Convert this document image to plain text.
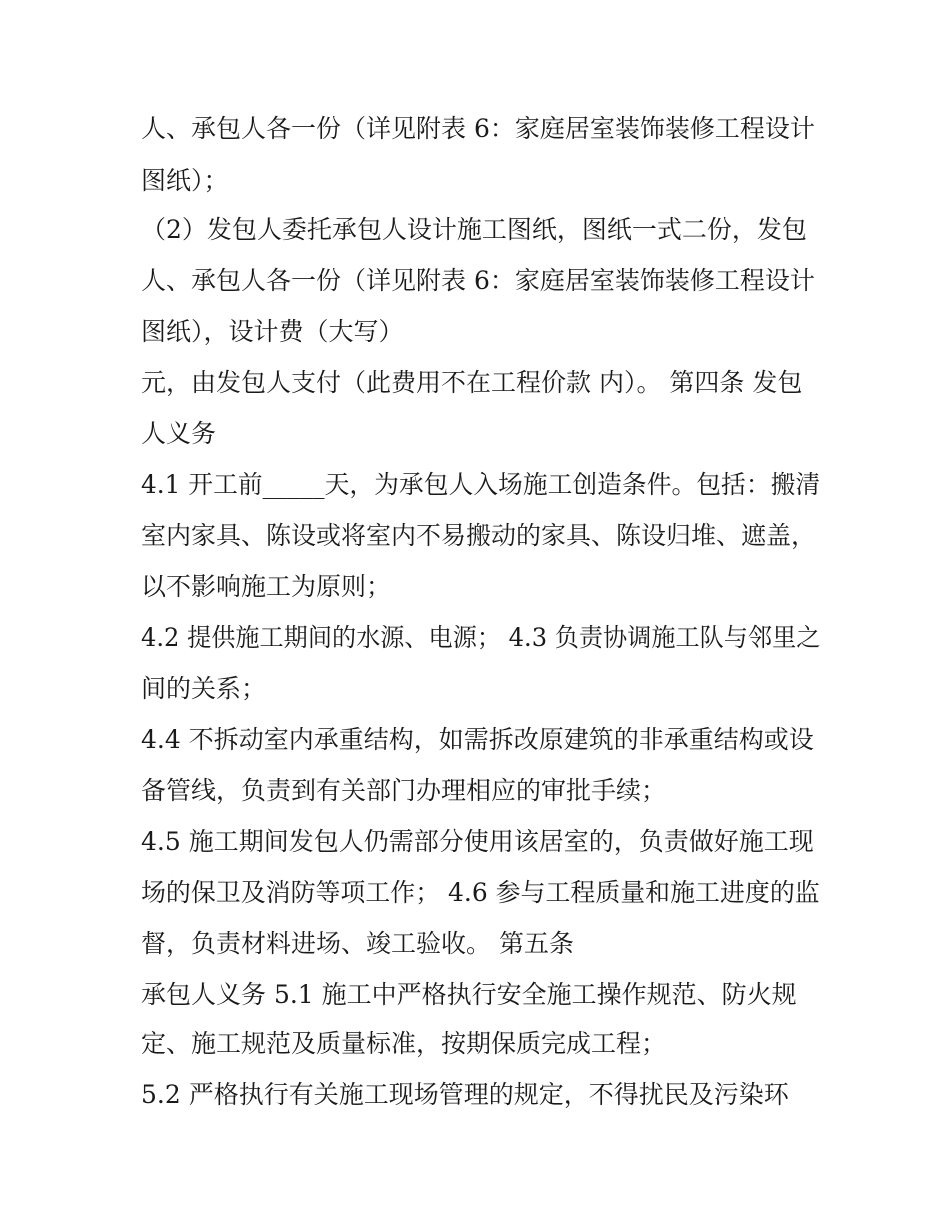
人、承包人各一份（详见附表 6：家庭居室装饰装修工程设计
图纸）；
（2）发包人委托承包人设计施工图纸，图纸一式二份，发包
人、承包人各一份（详见附表 6：家庭居室装饰装修工程设计
图纸），设计费（大写）
元，由发包人支付（此费用不在工程价款 内）。 第四条 发包
人义务
4.1 开工前_____天，为承包人入场施工创造条件。包括：搬清
室内家具、陈设或将室内不易搬动的家具、陈设归堆、遮盖，
以不影响施工为原则；
4.2 提供施工期间的水源、电源； 4.3 负责协调施工队与邻里之
间的关系；
4.4 不拆动室内承重结构，如需拆改原建筑的非承重结构或设
备管线，负责到有关部门办理相应的审批手续；
4.5 施工期间发包人仍需部分使用该居室的，负责做好施工现
场的保卫及消防等项工作； 4.6 参与工程质量和施工进度的监
督，负责材料进场、竣工验收。 第五条
承包人义务 5.1 施工中严格执行安全施工操作规范、防火规
定、施工规范及质量标准，按期保质完成工程；
5.2 严格执行有关施工现场管理的规定，不得扰民及污染环
